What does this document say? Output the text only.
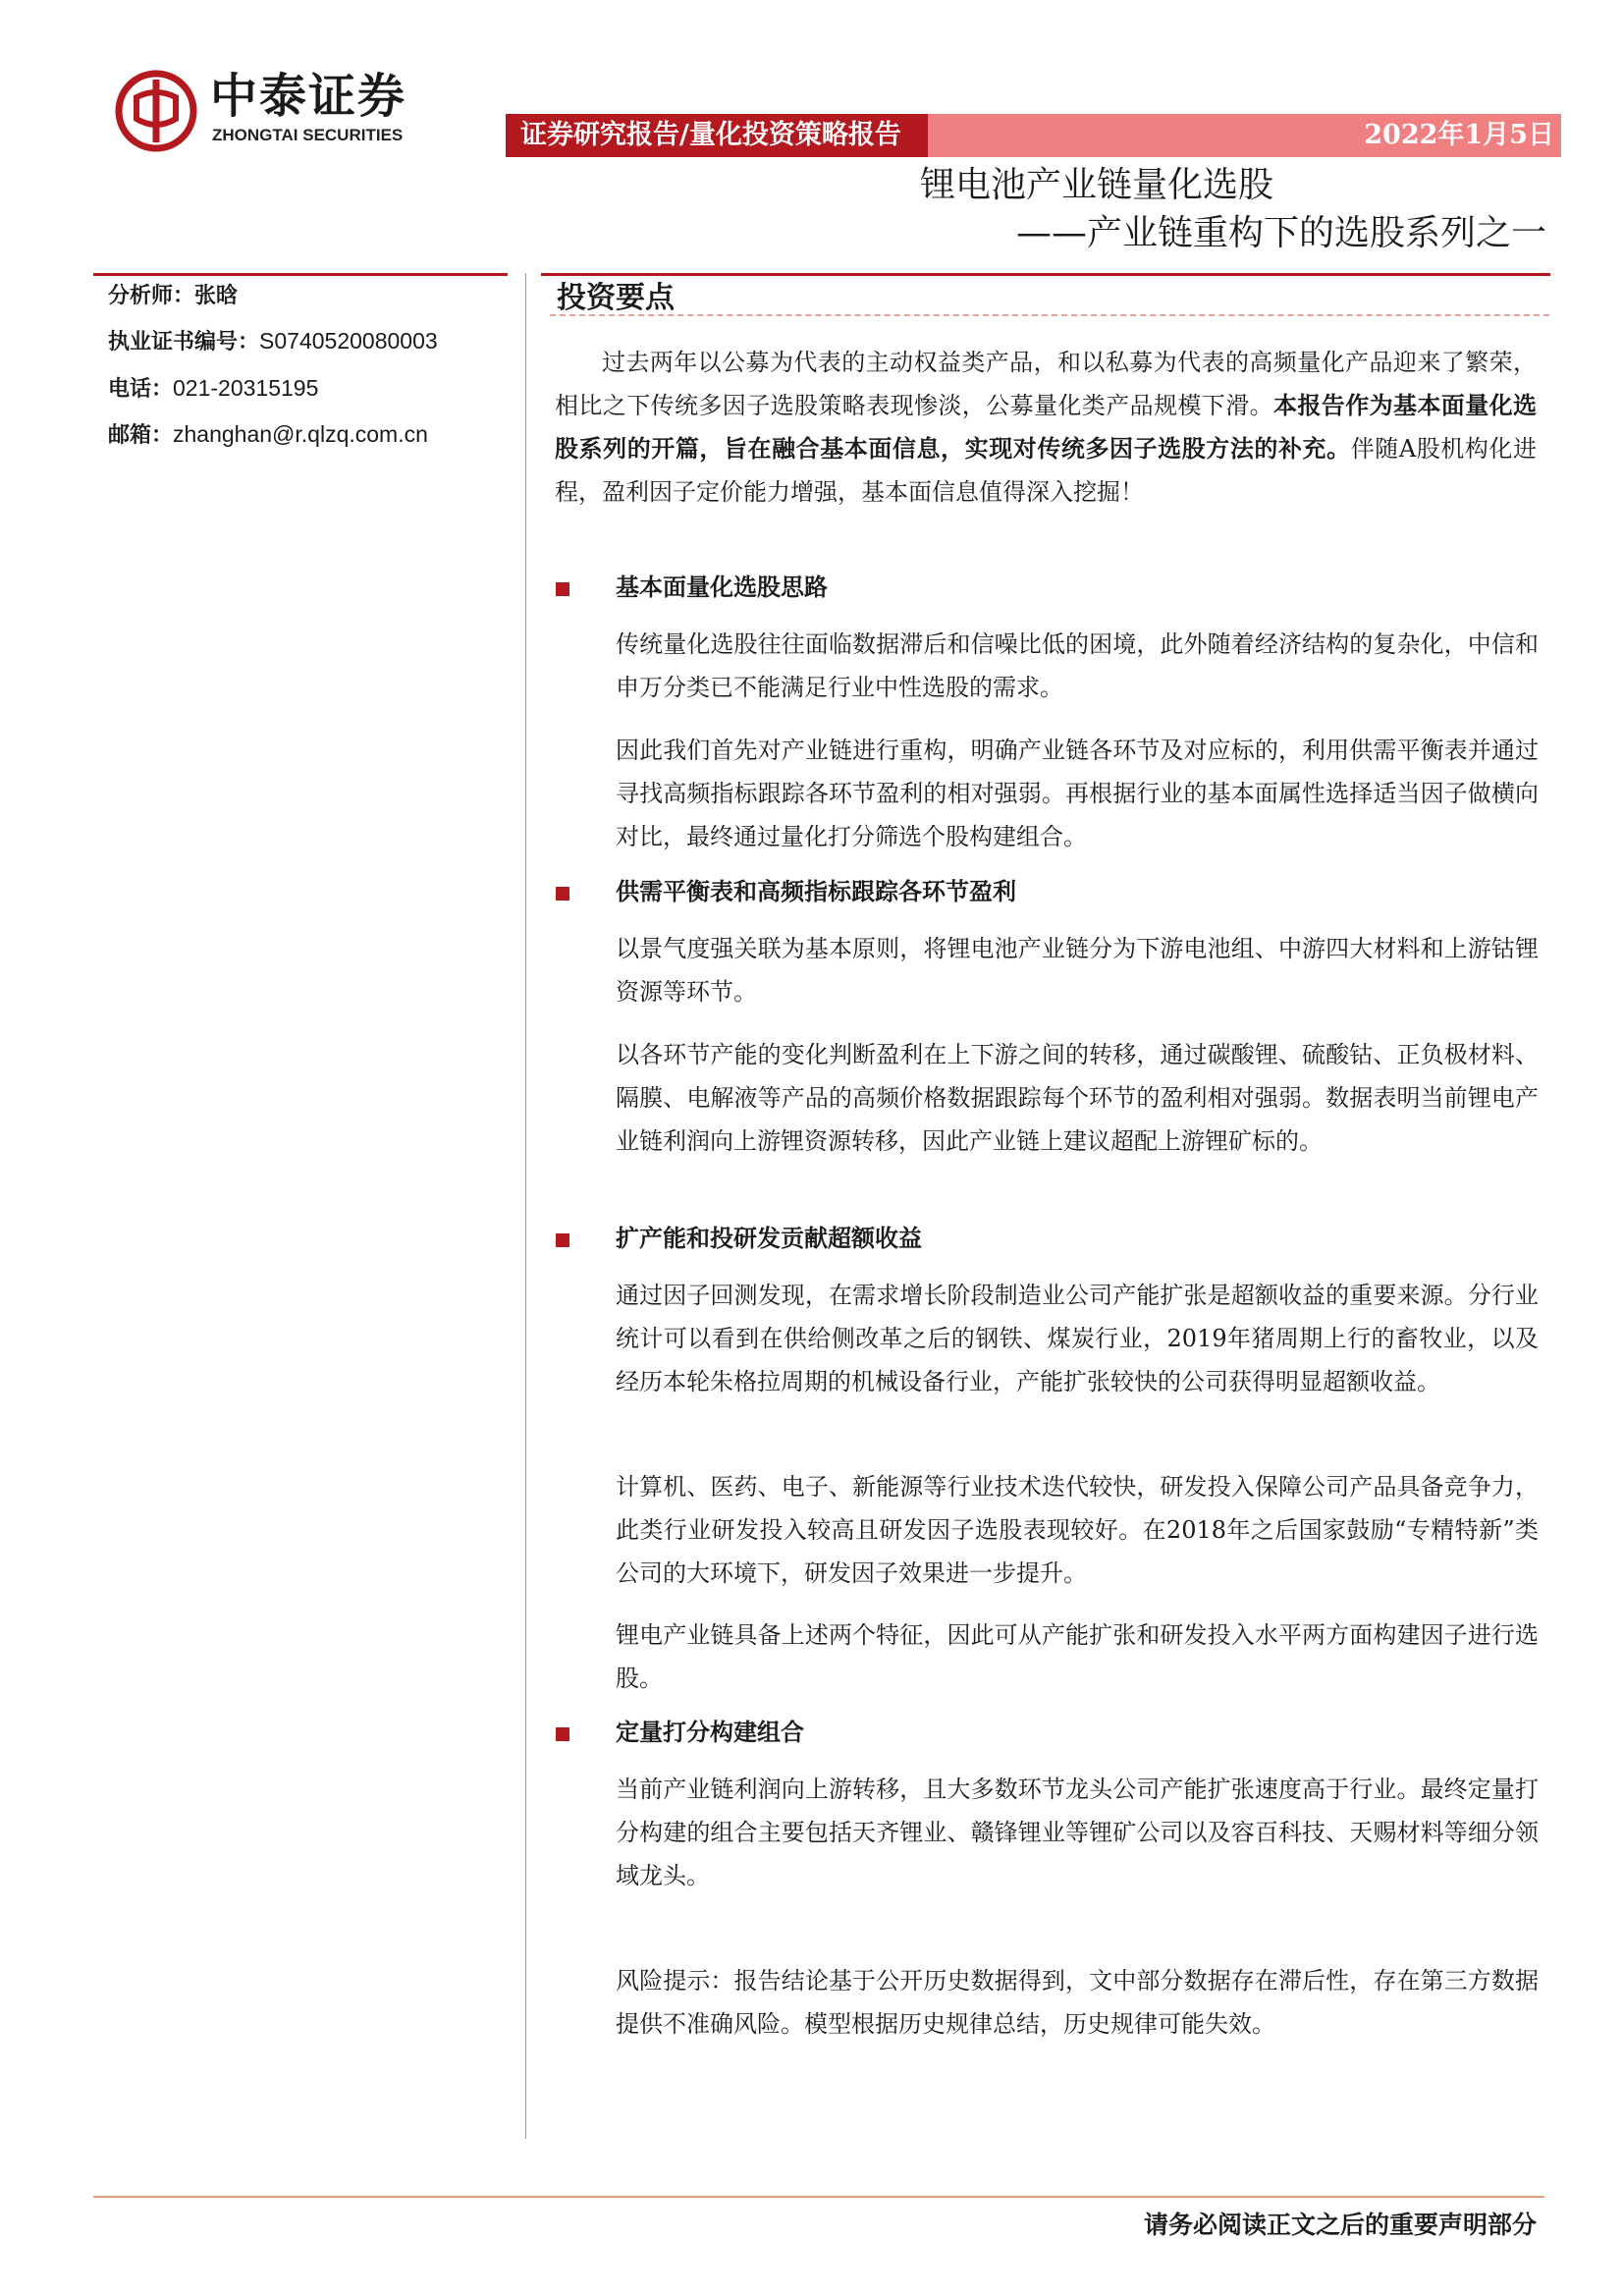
中泰证券
ZHONGTAI SECURITIES	证券研究报告/量化投资策略报告	2022年1月5日
锂电池产业链量化选股
——产业链重构下的选股系列之一
分析师：张晗
执业证书编号：S0740520080003
电话：021-20315195
邮箱：zhanghan@r.qlzq.com.cn
投资要点

过去两年以公募为代表的主动权益类产品，和以私募为代表的高频量化产品迎来了繁荣，相比之下传统多因子选股策略表现惨淡，公募量化类产品规模下滑。本报告作为基本面量化选股系列的开篇，旨在融合基本面信息，实现对传统多因子选股方法的补充。伴随A股机构化进程，盈利因子定价能力增强，基本面信息值得深入挖掘！

基本面量化选股思路

传统量化选股往往面临数据滞后和信噪比低的困境，此外随着经济结构的复杂化，中信和申万分类已不能满足行业中性选股的需求。

因此我们首先对产业链进行重构，明确产业链各环节及对应标的，利用供需平衡表并通过寻找高频指标跟踪各环节盈利的相对强弱。再根据行业的基本面属性选择适当因子做横向对比，最终通过量化打分筛选个股构建组合。

供需平衡表和高频指标跟踪各环节盈利

以景气度强关联为基本原则，将锂电池产业链分为下游电池组、中游四大材料和上游钴锂资源等环节。

以各环节产能的变化判断盈利在上下游之间的转移，通过碳酸锂、硫酸钴、正负极材料、隔膜、电解液等产品的高频价格数据跟踪每个环节的盈利相对强弱。数据表明当前锂电产业链利润向上游锂资源转移，因此产业链上建议超配上游锂矿标的。

扩产能和投研发贡献超额收益

通过因子回测发现，在需求增长阶段制造业公司产能扩张是超额收益的重要来源。分行业统计可以看到在供给侧改革之后的钢铁、煤炭行业，2019年猪周期上行的畜牧业，以及经历本轮朱格拉周期的机械设备行业，产能扩张较快的公司获得明显超额收益。

计算机、医药、电子、新能源等行业技术迭代较快，研发投入保障公司产品具备竞争力，此类行业研发投入较高且研发因子选股表现较好。在2018年之后国家鼓励“专精特新”类公司的大环境下，研发因子效果进一步提升。

锂电产业链具备上述两个特征，因此可从产能扩张和研发投入水平两方面构建因子进行选股。

定量打分构建组合

当前产业链利润向上游转移，且大多数环节龙头公司产能扩张速度高于行业。最终定量打分构建的组合主要包括天齐锂业、赣锋锂业等锂矿公司以及容百科技、天赐材料等细分领域龙头。

风险提示：报告结论基于公开历史数据得到，文中部分数据存在滞后性，存在第三方数据提供不准确风险。模型根据历史规律总结，历史规律可能失效。

请务必阅读正文之后的重要声明部分
